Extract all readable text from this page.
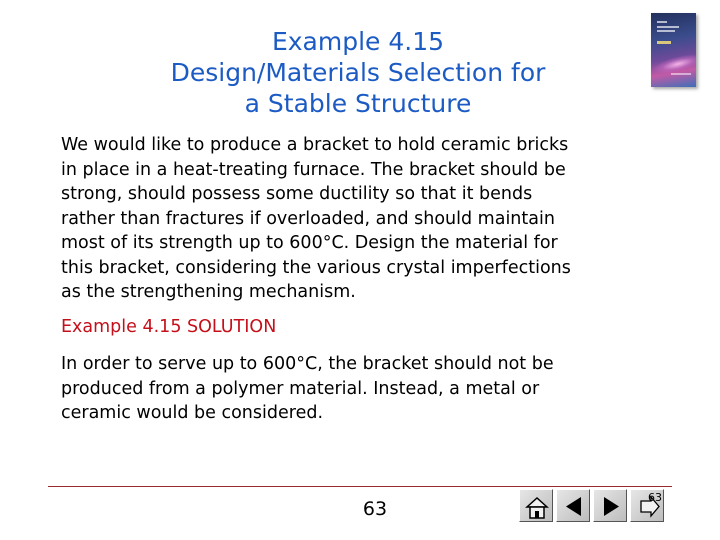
Example 4.15
Design/Materials Selection for
a Stable Structure
We would like to produce a bracket to hold ceramic bricks
in place in a heat-treating furnace. The bracket should be
strong, should possess some ductility so that it bends
rather than fractures if overloaded, and should maintain
most of its strength up to 600°C. Design the material for
this bracket, considering the various crystal imperfections
as the strengthening mechanism.
Example 4.15 SOLUTION
In order to serve up to 600°C, the bracket should not be
produced from a polymer material. Instead, a metal or
ceramic would be considered.
63
63
